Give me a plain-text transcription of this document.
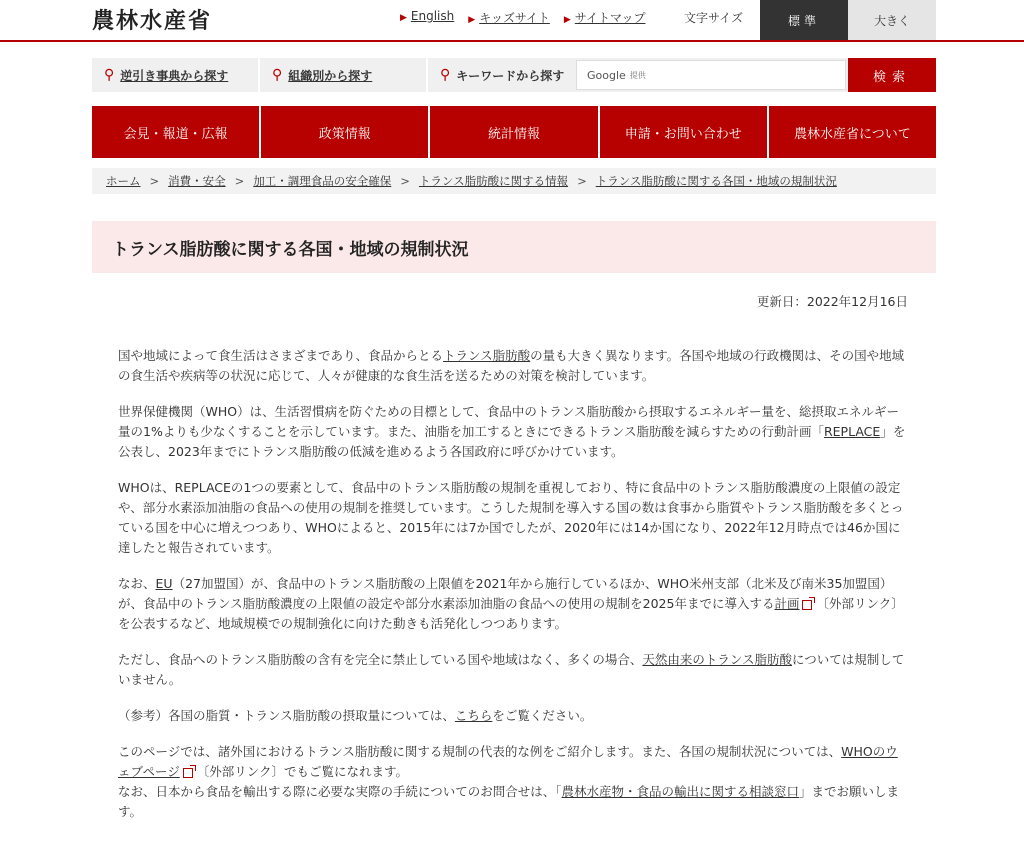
農林水産省	▶ English ▶ キッズサイト ▶ サイトマップ	文字サイズ	標準	大きく
⚲ 逆引き事典から探す	⚲ 組織別から探す	⚲ キーワードから探す Google 提供	検索
会見・報道・広報	政策情報	統計情報	申請・お問い合わせ	農林水産省について
ホーム > 消費・安全 > 加工・調理食品の安全確保 > トランス脂肪酸に関する情報 > トランス脂肪酸に関する各国・地域の規制状況
トランス脂肪酸に関する各国・地域の規制状況
更新日：2022年12月16日

国や地域によって食生活はさまざまであり、食品からとるトランス脂肪酸の量も大きく異なります。各国や地域の行政機関は、その国や地域の食生活や疾病等の状況に応じて、人々が健康的な食生活を送るための対策を検討しています。

世界保健機関（WHO）は、生活習慣病を防ぐための目標として、食品中のトランス脂肪酸から摂取するエネルギー量を、総摂取エネルギー量の1%よりも少なくすることを示しています。また、油脂を加工するときにできるトランス脂肪酸を減らすための行動計画「REPLACE」を公表し、2023年までにトランス脂肪酸の低減を進めるよう各国政府に呼びかけています。

WHOは、REPLACEの1つの要素として、食品中のトランス脂肪酸の規制を重視しており、特に食品中のトランス脂肪酸濃度の上限値の設定や、部分水素添加油脂の食品への使用の規制を推奨しています。こうした規制を導入する国の数は食事から脂質やトランス脂肪酸を多くとっている国を中心に増えつつあり、WHOによると、2015年には7か国でしたが、2020年には14か国になり、2022年12月時点では46か国に達したと報告されています。

なお、EU（27加盟国）が、食品中のトランス脂肪酸の上限値を2021年から施行しているほか、WHO米州支部（北米及び南米35加盟国）が、食品中のトランス脂肪酸濃度の上限値の設定や部分水素添加油脂の食品への使用の規制を2025年までに導入する計画 〔外部リンク〕を公表するなど、地域規模での規制強化に向けた動きも活発化しつつあります。

ただし、食品へのトランス脂肪酸の含有を完全に禁止している国や地域はなく、多くの場合、天然由来のトランス脂肪酸については規制していません。

（参考）各国の脂質・トランス脂肪酸の摂取量については、こちらをご覧ください。

このページでは、諸外国におけるトランス脂肪酸に関する規制の代表的な例をご紹介します。また、各国の規制状況については、WHOのウェブページ 〔外部リンク〕でもご覧になれます。
なお、日本から食品を輸出する際に必要な実際の手続についてのお問合せは、「農林水産物・食品の輸出に関する相談窓口」までお願いします。
